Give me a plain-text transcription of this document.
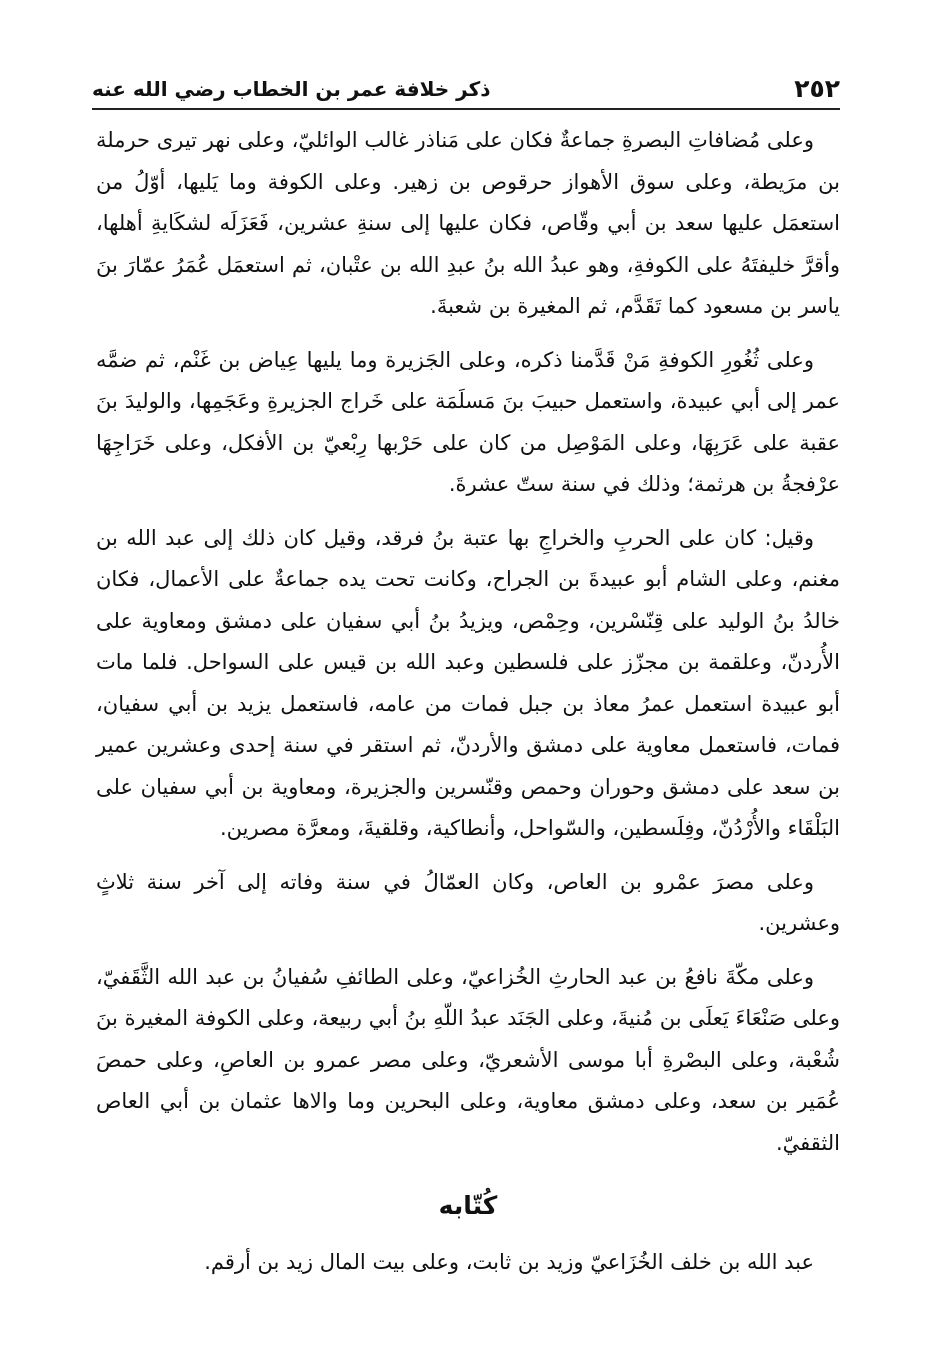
٢٥٢
ذكر خلافة عمر بن الخطاب رضي الله عنه

وعلى مُضافاتِ البصرةِ جماعةٌ فكان على مَناذر غالب الوائليّ، وعلى نهر تيرى حرملة بن مرَيطة، وعلى سوق الأهواز حرقوص بن زهير. وعلى الكوفة وما يَليها، أوّلُ من استعمَل عليها سعد بن أبي وقّاص، فكان عليها إلى سنةِ عشرين، فَعَزَلَه لشكَايةِ أهلها، وأقرَّ خليفتَهُ على الكوفةِ، وهو عبدُ الله بنُ عبدِ الله بن عتْبان، ثم استعمَل عُمَرُ عمّارَ بنَ ياسر بن مسعود كما تَقَدَّم، ثم المغيرة بن شعبةَ.

وعلى ثُغُورِ الكوفةِ مَنْ قَدَّمنا ذكره، وعلى الجَزيرة وما يليها عِياض بن غَنْم، ثم ضمَّه عمر إلى أبي عبيدة، واستعمل حبيبَ بنَ مَسلَمَة على خَراج الجزيرةِ وعَجَمِها، والوليدَ بنَ عقبة على عَرَبِهَا، وعلى المَوْصِل من كان على حَرْبها رِبْعيّ بن الأفكل، وعلى خَرَاجِهَا عرْفجةُ بن هرثمة؛ وذلك في سنة ستّ عشرةَ.

وقيل: كان على الحربِ والخراجِ بها عتبة بنُ فرقد، وقيل كان ذلك إلى عبد الله بن مغنم، وعلى الشام أبو عبيدةَ بن الجراح، وكانت تحت يده جماعةٌ على الأعمال، فكان خالدُ بنُ الوليد على قِنّسْرين، وحِمْص، ويزيدُ بنُ أبي سفيان على دمشق ومعاوية على الأُردنّ، وعلقمة بن مجزّز على فلسطين وعبد الله بن قيس على السواحل. فلما مات أبو عبيدة استعمل عمرُ معاذ بن جبل فمات من عامه، فاستعمل يزيد بن أبي سفيان، فمات، فاستعمل معاوية على دمشق والأردنّ، ثم استقر في سنة إحدى وعشرين عمير بن سعد على دمشق وحوران وحمص وقنّسرين والجزيرة، ومعاوية بن أبي سفيان على البَلْقَاء والأُرْدُنّ، وفِلَسطين، والسّواحل، وأنطاكية، وقلقيةَ، ومعرَّة مصرين.

وعلى مصرَ عمْرو بن العاص، وكان العمّالُ في سنة وفاته إلى آخر سنة ثلاثٍ وعشرين.

وعلى مكّةَ نافعُ بن عبد الحارثِ الخُزاعيّ، وعلى الطائفِ سُفيانُ بن عبد الله الثَّقَفيّ، وعلى صَنْعَاءَ يَعلَى بن مُنيةَ، وعلى الجَنَد عبدُ اللّهِ بنُ أبي ربيعة، وعلى الكوفة المغيرة بنَ شُعْبة، وعلى البصْرةِ أبا موسى الأشعريّ، وعلى مصر عمرو بن العاصِ، وعلى حمصَ عُمَير بن سعد، وعلى دمشق معاوية، وعلى البحرين وما والاها عثمان بن أبي العاص الثقفيّ.

كُتّابه

عبد الله بن خلف الخُزَاعيّ وزيد بن ثابت، وعلى بيت المال زيد بن أرقم.
